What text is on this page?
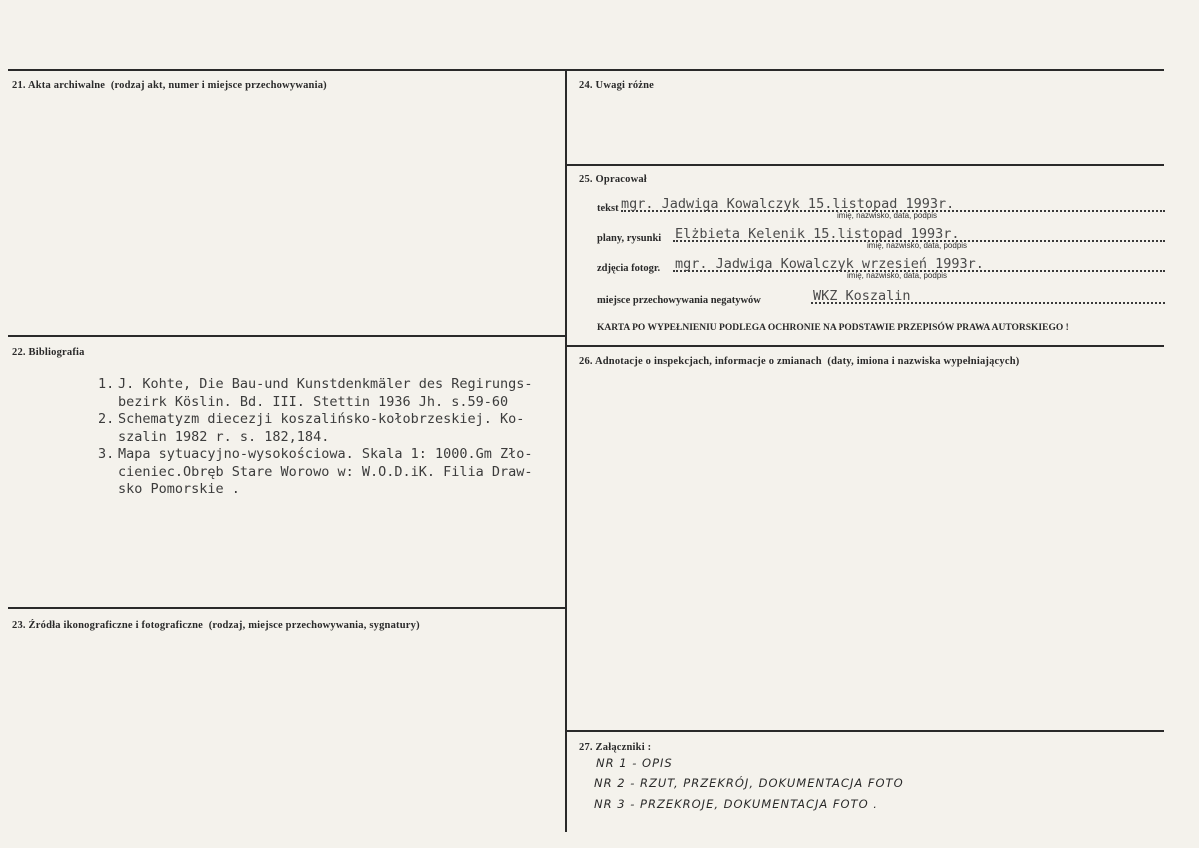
21. Akta archiwalne (rodzaj akt, numer i miejsce przechowywania)
22. Bibliografia
1. J. Kohte, Die Bau-und Kunstdenkmäler des Regirungs-
bezirk Köslin. Bd. III. Stettin 1936 Jh. s.59-60
2. Schematyzm diecezji koszalińsko-kołobrzeskiej. Ko-
szalin 1982 r. s. 182,184.
3. Mapa sytuacyjno-wysokościowa. Skala 1: 1000.Gm Zło-
cieniec.Obręb Stare Worowo w: W.O.D.iK. Filia Draw-
sko Pomorskie .
23. Źródła ikonograficzne i fotograficzne (rodzaj, miejsce przechowywania, sygnatury)
24. Uwagi różne
25. Opracował
tekst mgr. Jadwiga Kowalczyk 15.listopad 1993r.
imię, nazwisko, data, podpis
plany, rysunki Elżbieta Kelenik 15.listopad 1993r.
imię, nazwisko, data, podpis
zdjęcia fotogr. mgr. Jadwiga Kowalczyk wrzesień 1993r.
imię, nazwisko, data, podpis
miejsce przechowywania negatywów	WKZ Koszalin
KARTA PO WYPEŁNIENIU PODLEGA OCHRONIE NA PODSTAWIE PRZEPISÓW PRAWA AUTORSKIEGO !
26. Adnotacje o inspekcjach, informacje o zmianach (daty, imiona i nazwiska wypełniających)
27. Załączniki :
NR 1 - OPIS
NR 2 - RZUT, PRZEKRÓJ, DOKUMENTACJA FOTO
NR 3 - PRZEKROJE, DOKUMENTACJA FOTO .
